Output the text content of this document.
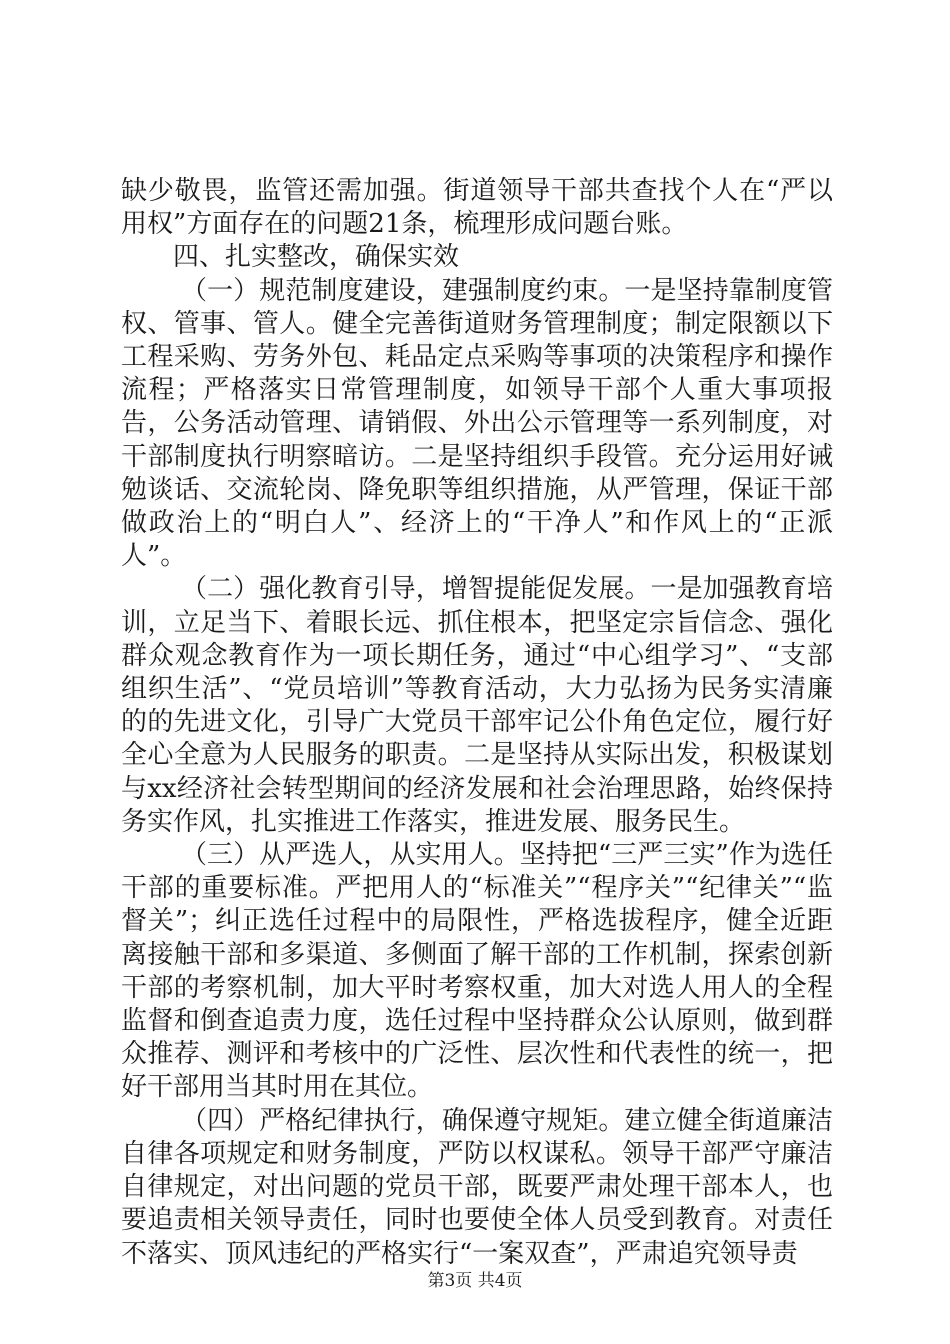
缺少敬畏，监管还需加强。街道领导干部共查找个人在“严以用权”方面存在的问题21条，梳理形成问题台账。

四、扎实整改，确保实效

（一）规范制度建设，建强制度约束。一是坚持靠制度管权、管事、管人。健全完善街道财务管理制度；制定限额以下工程采购、劳务外包、耗品定点采购等事项的决策程序和操作流程；严格落实日常管理制度，如领导干部个人重大事项报告，公务活动管理、请销假、外出公示管理等一系列制度，对干部制度执行明察暗访。二是坚持组织手段管。充分运用好诫勉谈话、交流轮岗、降免职等组织措施，从严管理，保证干部做政治上的“明白人”、经济上的“干净人”和作风上的“正派人”。

（二）强化教育引导，增智提能促发展。一是加强教育培训，立足当下、着眼长远、抓住根本，把坚定宗旨信念、强化群众观念教育作为一项长期任务，通过“中心组学习”、“支部组织生活”、“党员培训”等教育活动，大力弘扬为民务实清廉的的先进文化，引导广大党员干部牢记公仆角色定位，履行好全心全意为人民服务的职责。二是坚持从实际出发，积极谋划与xx经济社会转型期间的经济发展和社会治理思路，始终保持务实作风，扎实推进工作落实，推进发展、服务民生。

（三）从严选人，从实用人。坚持把“三严三实”作为选任干部的重要标准。严把用人的“标准关”“程序关”“纪律关”“监督关”；纠正选任过程中的局限性，严格选拔程序，健全近距离接触干部和多渠道、多侧面了解干部的工作机制，探索创新干部的考察机制，加大平时考察权重，加大对选人用人的全程监督和倒查追责力度，选任过程中坚持群众公认原则，做到群众推荐、测评和考核中的广泛性、层次性和代表性的统一，把好干部用当其时用在其位。

（四）严格纪律执行，确保遵守规矩。建立健全街道廉洁自律各项规定和财务制度，严防以权谋私。领导干部严守廉洁自律规定，对出问题的党员干部，既要严肃处理干部本人，也要追责相关领导责任，同时也要使全体人员受到教育。对责任不落实、顶风违纪的严格实行“一案双查”，严肃追究领导责

第3页 共4页
